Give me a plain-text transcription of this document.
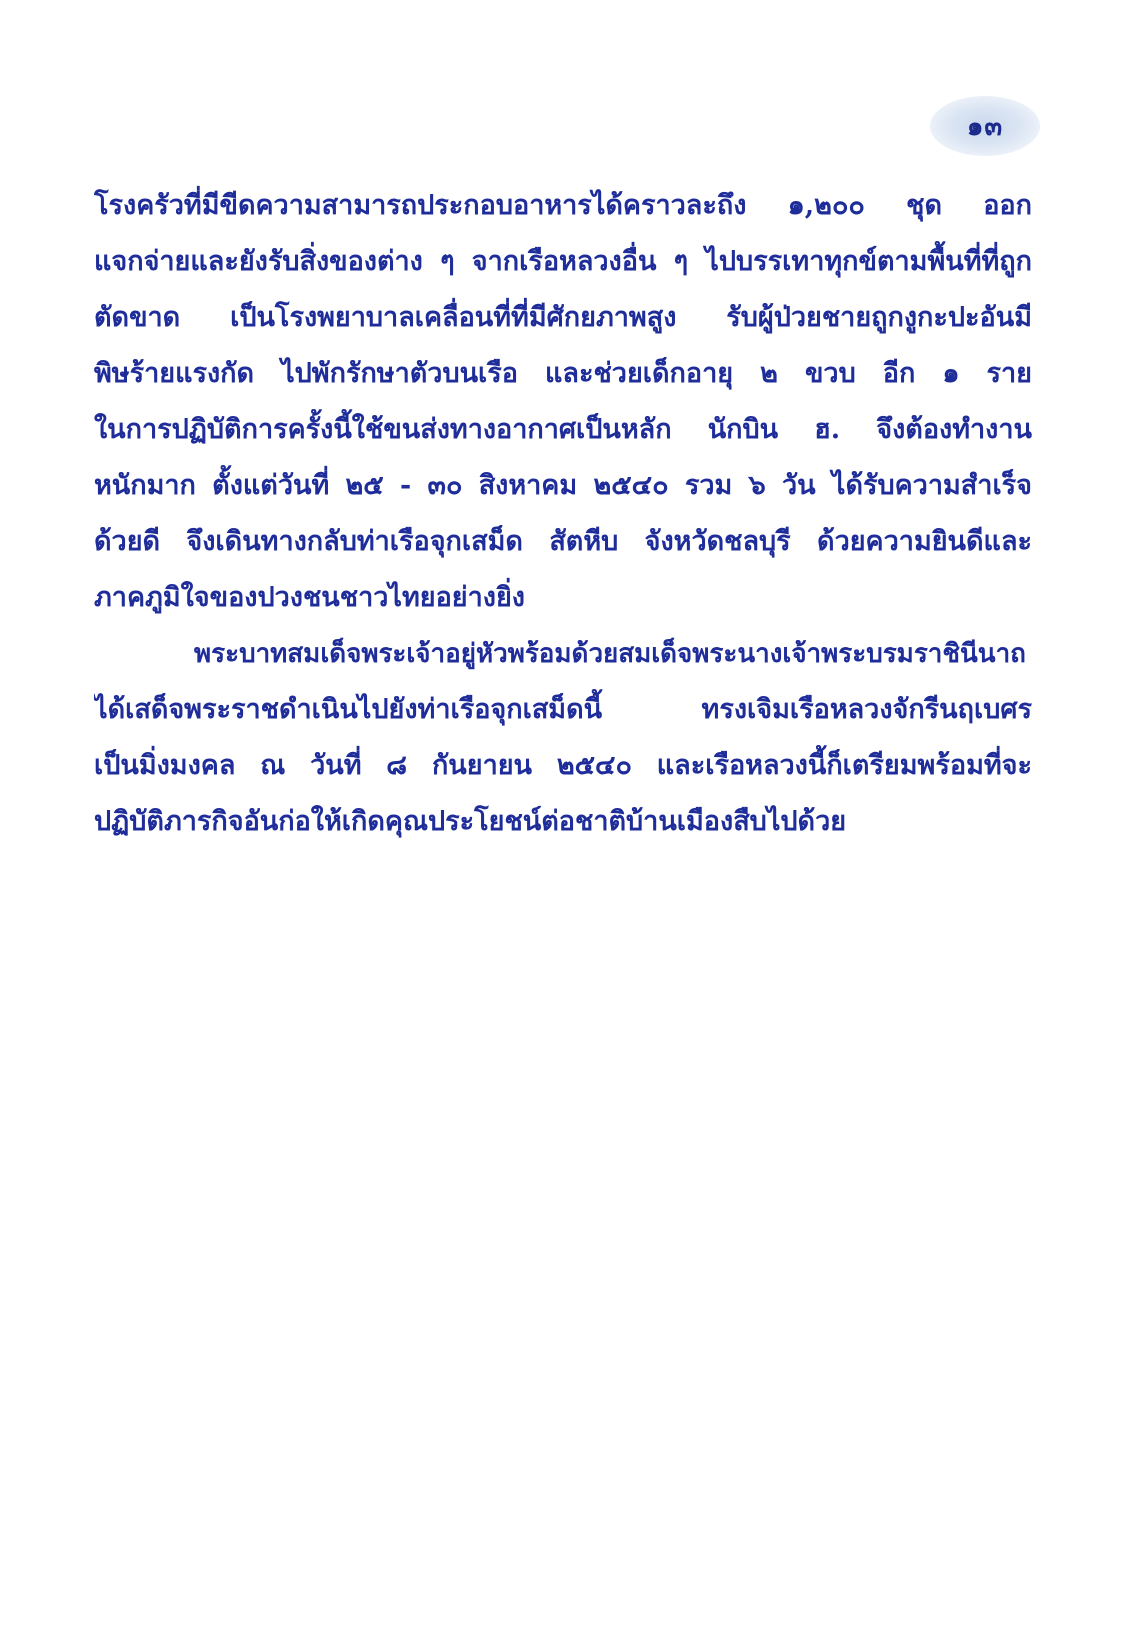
๑๓
โรงครัวที่มีขีดความสามารถประกอบอาหารได้คราวละถึง ๑,๒๐๐ ชุด ออก
แจกจ่ายและยังรับสิ่งของต่าง ๆ จากเรือหลวงอื่น ๆ ไปบรรเทาทุกข์ตามพื้นที่ที่ถูก
ตัดขาด เป็นโรงพยาบาลเคลื่อนที่ที่มีศักยภาพสูง รับผู้ป่วยชายถูกงูกะปะอันมี
พิษร้ายแรงกัด ไปพักรักษาตัวบนเรือ และช่วยเด็กอายุ ๒ ขวบ อีก ๑ ราย
ในการปฏิบัติการครั้งนี้ใช้ขนส่งทางอากาศเป็นหลัก นักบิน ฮ. จึงต้องทำงาน
หนักมาก ตั้งแต่วันที่ ๒๕ - ๓๐ สิงหาคม ๒๕๔๐ รวม ๖ วัน ได้รับความสำเร็จ
ด้วยดี จึงเดินทางกลับท่าเรือจุกเสม็ด สัตหีบ จังหวัดชลบุรี ด้วยความยินดีและ
ภาคภูมิใจของปวงชนชาวไทยอย่างยิ่ง
พระบาทสมเด็จพระเจ้าอยู่หัวพร้อมด้วยสมเด็จพระนางเจ้าพระบรมราชินีนาถ
ได้เสด็จพระราชดำเนินไปยังท่าเรือจุกเสม็ดนี้ ทรงเจิมเรือหลวงจักรีนฤเบศร
เป็นมิ่งมงคล ณ วันที่ ๘ กันยายน ๒๕๔๐ และเรือหลวงนี้ก็เตรียมพร้อมที่จะ
ปฏิบัติภารกิจอันก่อให้เกิดคุณประโยชน์ต่อชาติบ้านเมืองสืบไปด้วย
